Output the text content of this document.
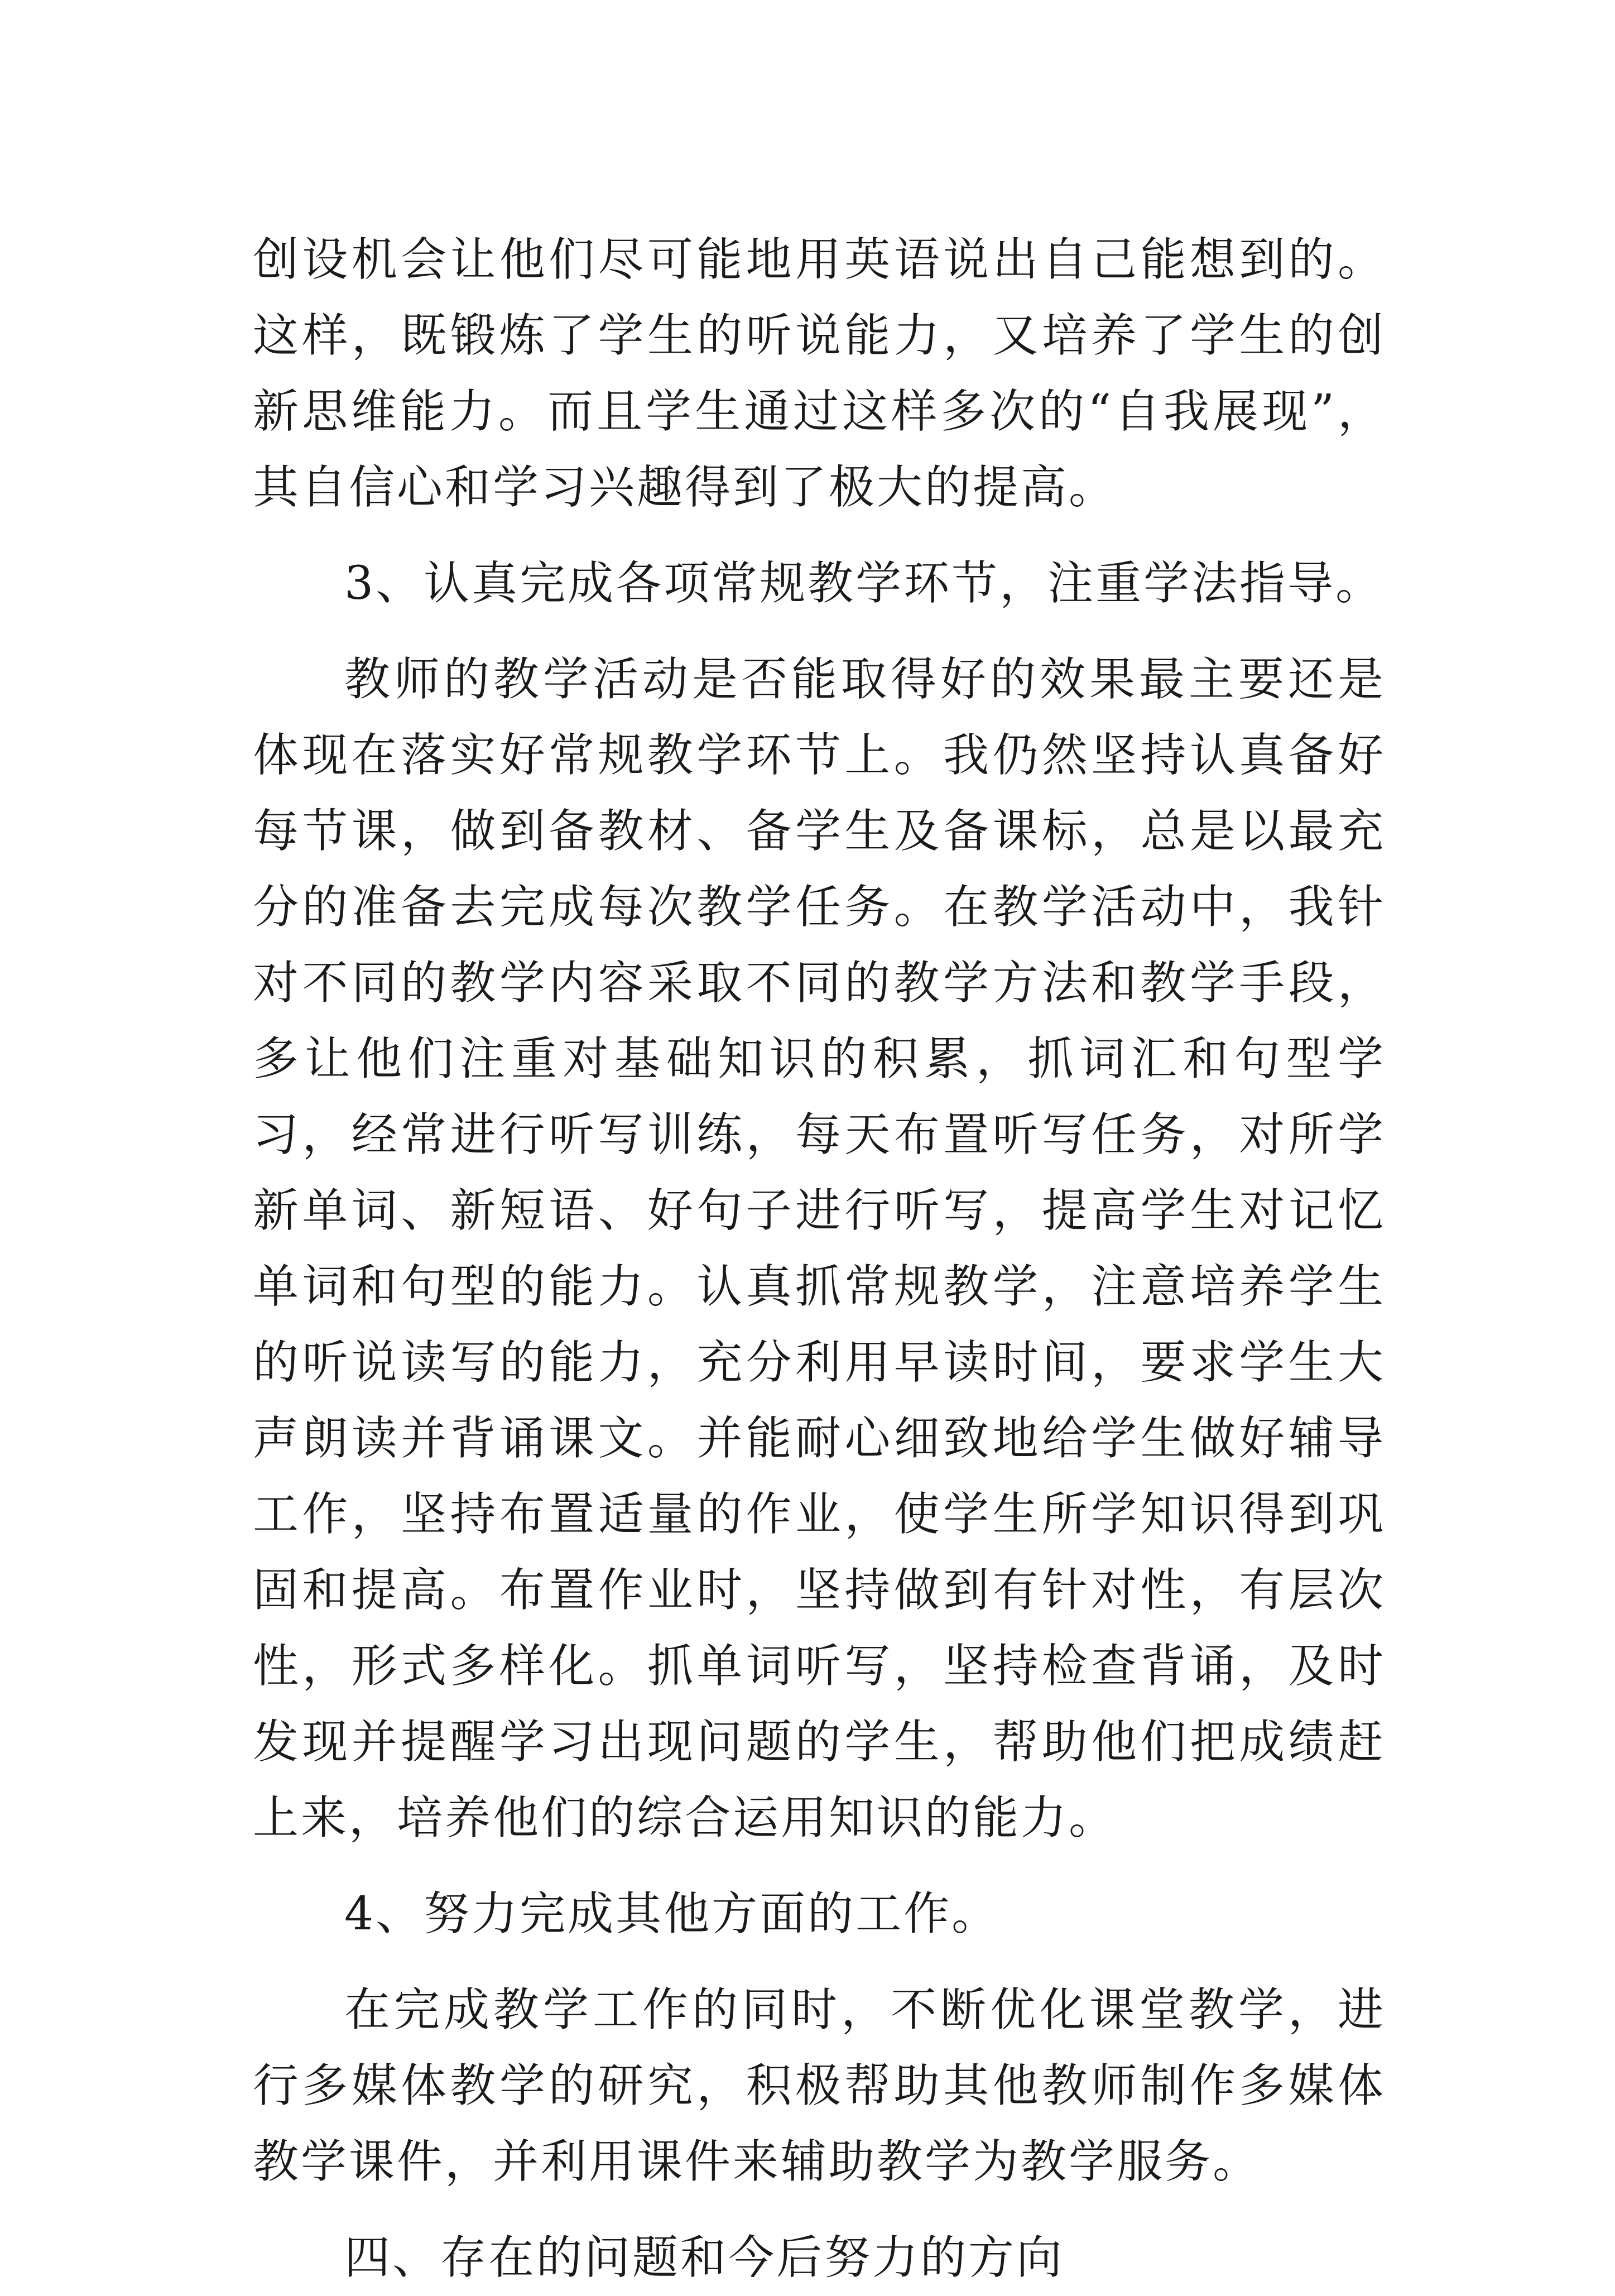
创设机会让他们尽可能地用英语说出自己能想到的。这样，既锻炼了学生的听说能力，又培养了学生的创新思维能力。而且学生通过这样多次的“自我展现”，其自信心和学习兴趣得到了极大的提高。

3、认真完成各项常规教学环节，注重学法指导。

教师的教学活动是否能取得好的效果最主要还是体现在落实好常规教学环节上。我仍然坚持认真备好每节课，做到备教材、备学生及备课标，总是以最充分的准备去完成每次教学任务。在教学活动中，我针对不同的教学内容采取不同的教学方法和教学手段，多让他们注重对基础知识的积累，抓词汇和句型学习，经常进行听写训练，每天布置听写任务，对所学新单词、新短语、好句子进行听写，提高学生对记忆单词和句型的能力。认真抓常规教学，注意培养学生的听说读写的能力，充分利用早读时间，要求学生大声朗读并背诵课文。并能耐心细致地给学生做好辅导工作，坚持布置适量的作业，使学生所学知识得到巩固和提高。布置作业时，坚持做到有针对性，有层次性，形式多样化。抓单词听写，坚持检查背诵，及时发现并提醒学习出现问题的学生，帮助他们把成绩赶上来，培养他们的综合运用知识的能力。

4、努力完成其他方面的工作。

在完成教学工作的同时，不断优化课堂教学，进行多媒体教学的研究，积极帮助其他教师制作多媒体教学课件，并利用课件来辅助教学为教学服务。

四、存在的问题和今后努力的方向
